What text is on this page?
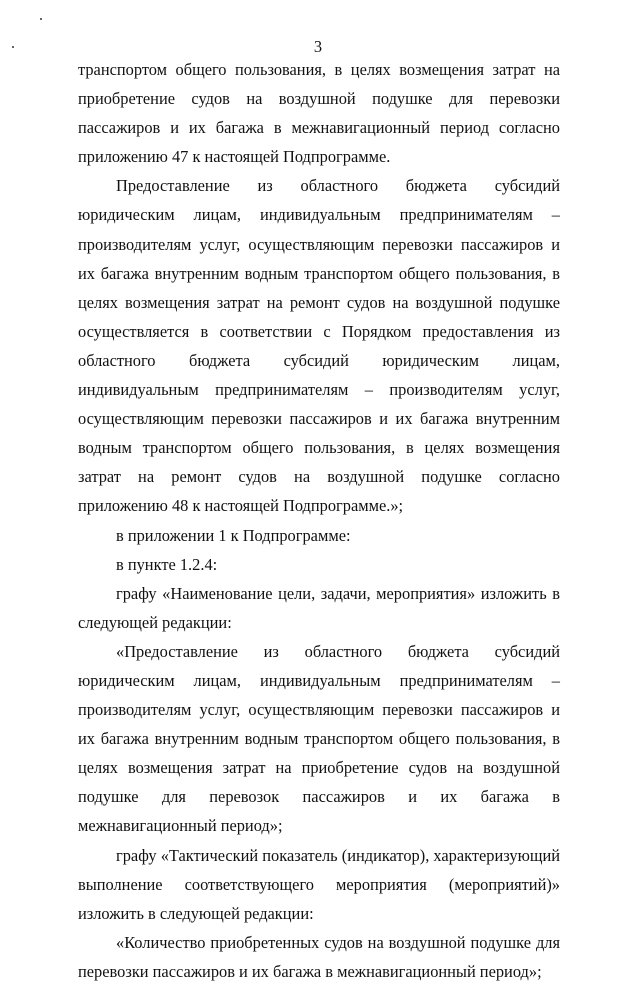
3

транспортом общего пользования, в целях возмещения затрат на приобретение судов на воздушной подушке для перевозки пассажиров и их багажа в межнавигационный период согласно приложению 47 к настоящей Подпрограмме.

Предоставление из областного бюджета субсидий юридическим лицам, индивидуальным предпринимателям – производителям услуг, осуществляющим перевозки пассажиров и их багажа внутренним водным транспортом общего пользования, в целях возмещения затрат на ремонт судов на воздушной подушке осуществляется в соответствии с Порядком предоставления из областного бюджета субсидий юридическим лицам, индивидуальным предпринимателям – производителям услуг, осуществляющим перевозки пассажиров и их багажа внутренним водным транспортом общего пользования, в целях возмещения затрат на ремонт судов на воздушной подушке согласно приложению 48 к настоящей Подпрограмме.»;

в приложении 1 к Подпрограмме:

в пункте 1.2.4:

графу «Наименование цели, задачи, мероприятия» изложить в следующей редакции:

«Предоставление из областного бюджета субсидий юридическим лицам, индивидуальным предпринимателям – производителям услуг, осуществляющим перевозки пассажиров и их багажа внутренним водным транспортом общего пользования, в целях возмещения затрат на приобретение судов на воздушной подушке для перевозок пассажиров и их багажа в межнавигационный период»;

графу «Тактический показатель (индикатор), характеризующий выполнение соответствующего мероприятия (мероприятий)» изложить в следующей редакции:

«Количество приобретенных судов на воздушной подушке для перевозки пассажиров и их багажа в межнавигационный период»;
